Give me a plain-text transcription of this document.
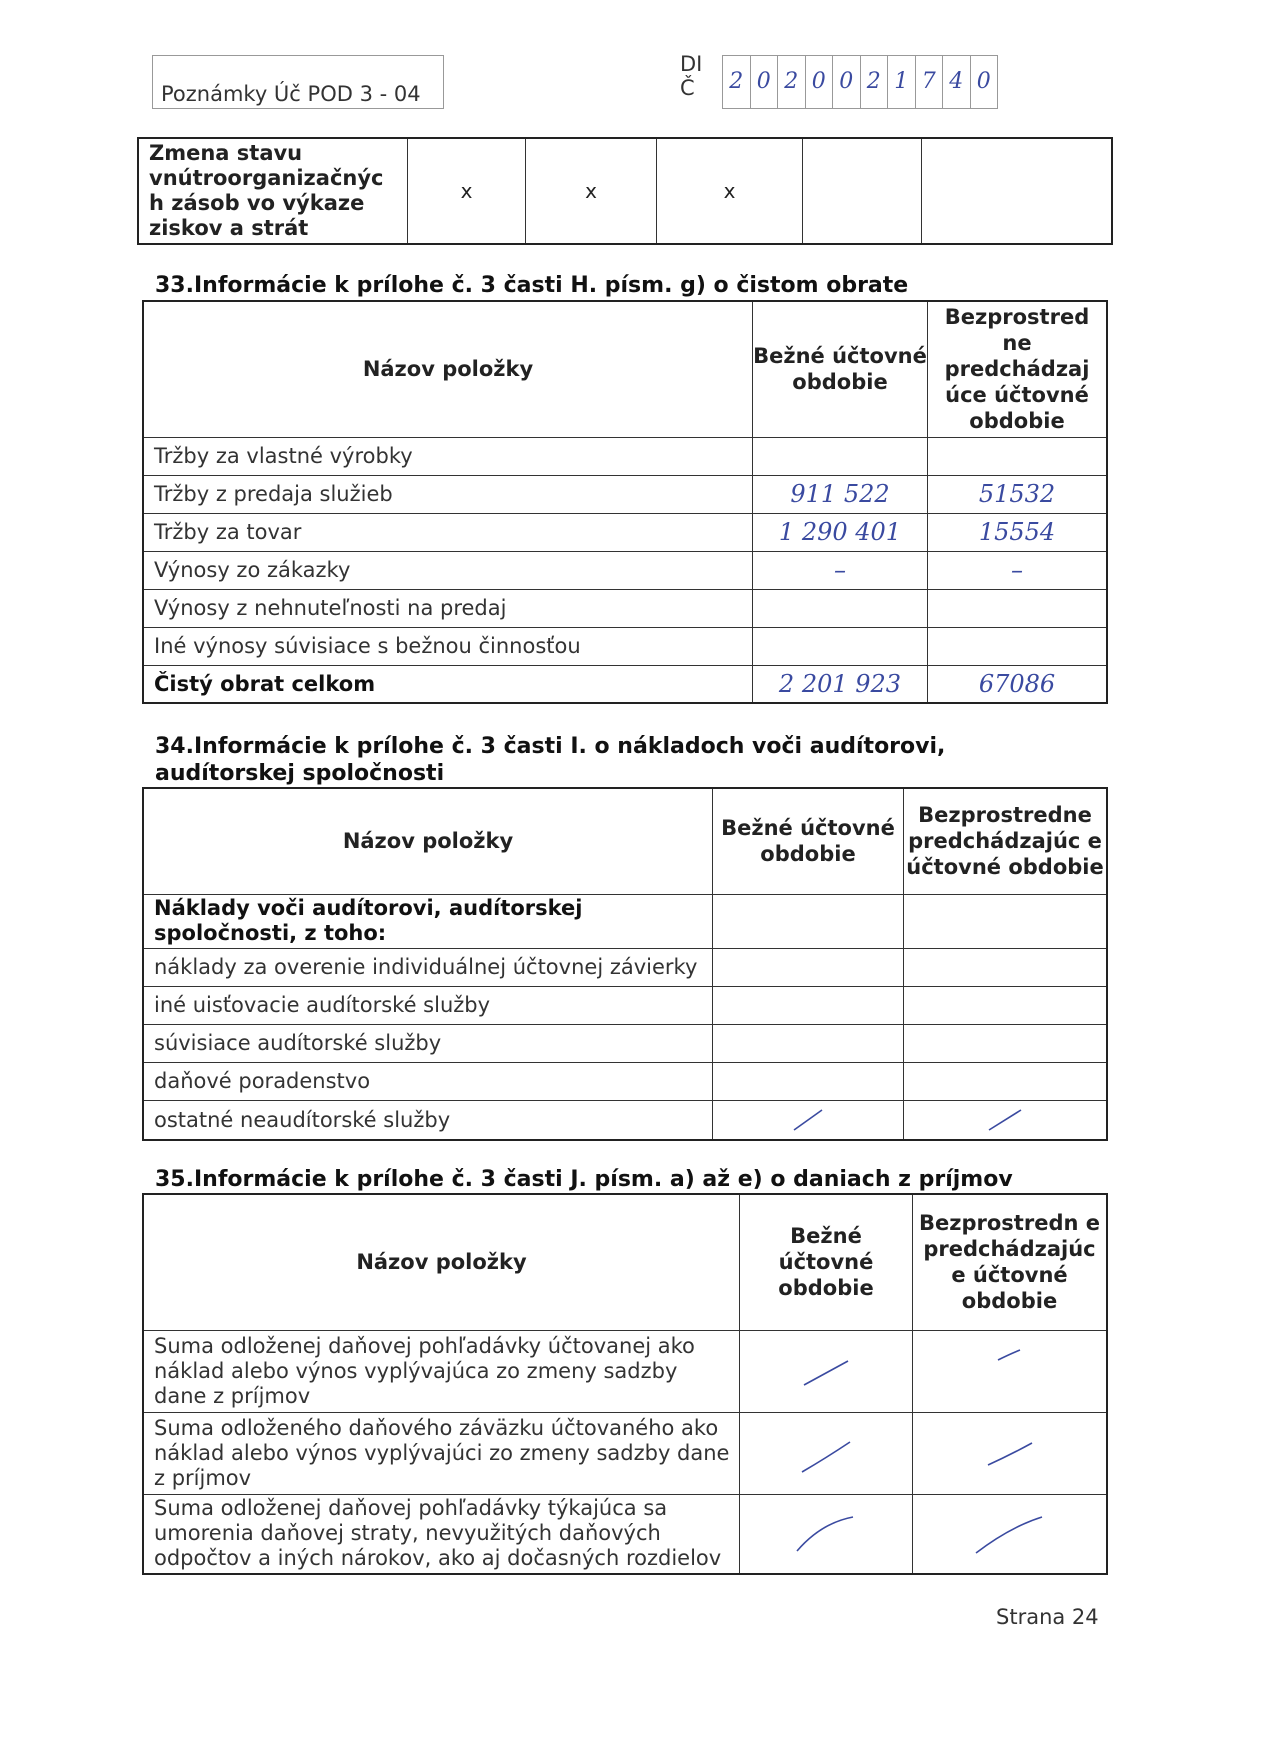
Poznámky Úč POD 3 - 04
DI
Č	2 0 2 0 0 2 1 7 4 0
Zmena stavu vnútroorganizačnýc h zásob vo výkaze ziskov a strát	x	x	x		
33.Informácie k prílohe č. 3 časti H. písm. g) o čistom obrate
Názov položky	Bežné účtovné obdobie	Bezprostred ne predchádzaj úce účtovné obdobie
Tržby za vlastné výrobky		
Tržby z predaja služieb	911 522	51532
Tržby za tovar	1 290 401	15554
Výnosy zo zákazky	–	–
Výnosy z nehnuteľnosti na predaj		
Iné výnosy súvisiace s bežnou činnosťou		
Čistý obrat celkom	2 201 923	67086
34.Informácie k prílohe č. 3 časti I. o nákladoch voči audítorovi, audítorskej spoločnosti
Názov položky	Bežné účtovné obdobie	Bezprostredne predchádzajúc e účtovné obdobie
Náklady voči audítorovi, audítorskej spoločnosti, z toho:		
náklady za overenie individuálnej účtovnej závierky		
iné uisťovacie audítorské služby		
súvisiace audítorské služby		
daňové poradenstvo		
ostatné neaudítorské služby	

35.Informácie k prílohe č. 3 časti J. písm. a) až e) o daniach z príjmov
Názov položky	Bežné účtovné obdobie	Bezprostredn e predchádzajúc e účtovné obdobie
Suma odloženej daňovej pohľadávky účtovanej ako náklad alebo výnos vyplývajúca zo zmeny sadzby dane z príjmov	

Suma odloženého daňového záväzku účtovaného ako náklad alebo výnos vyplývajúci zo zmeny sadzby dane z príjmov	

Suma odloženej daňovej pohľadávky týkajúca sa umorenia daňovej straty, nevyužitých daňových odpočtov a iných nárokov, ako aj dočasných rozdielov	

Strana 24
